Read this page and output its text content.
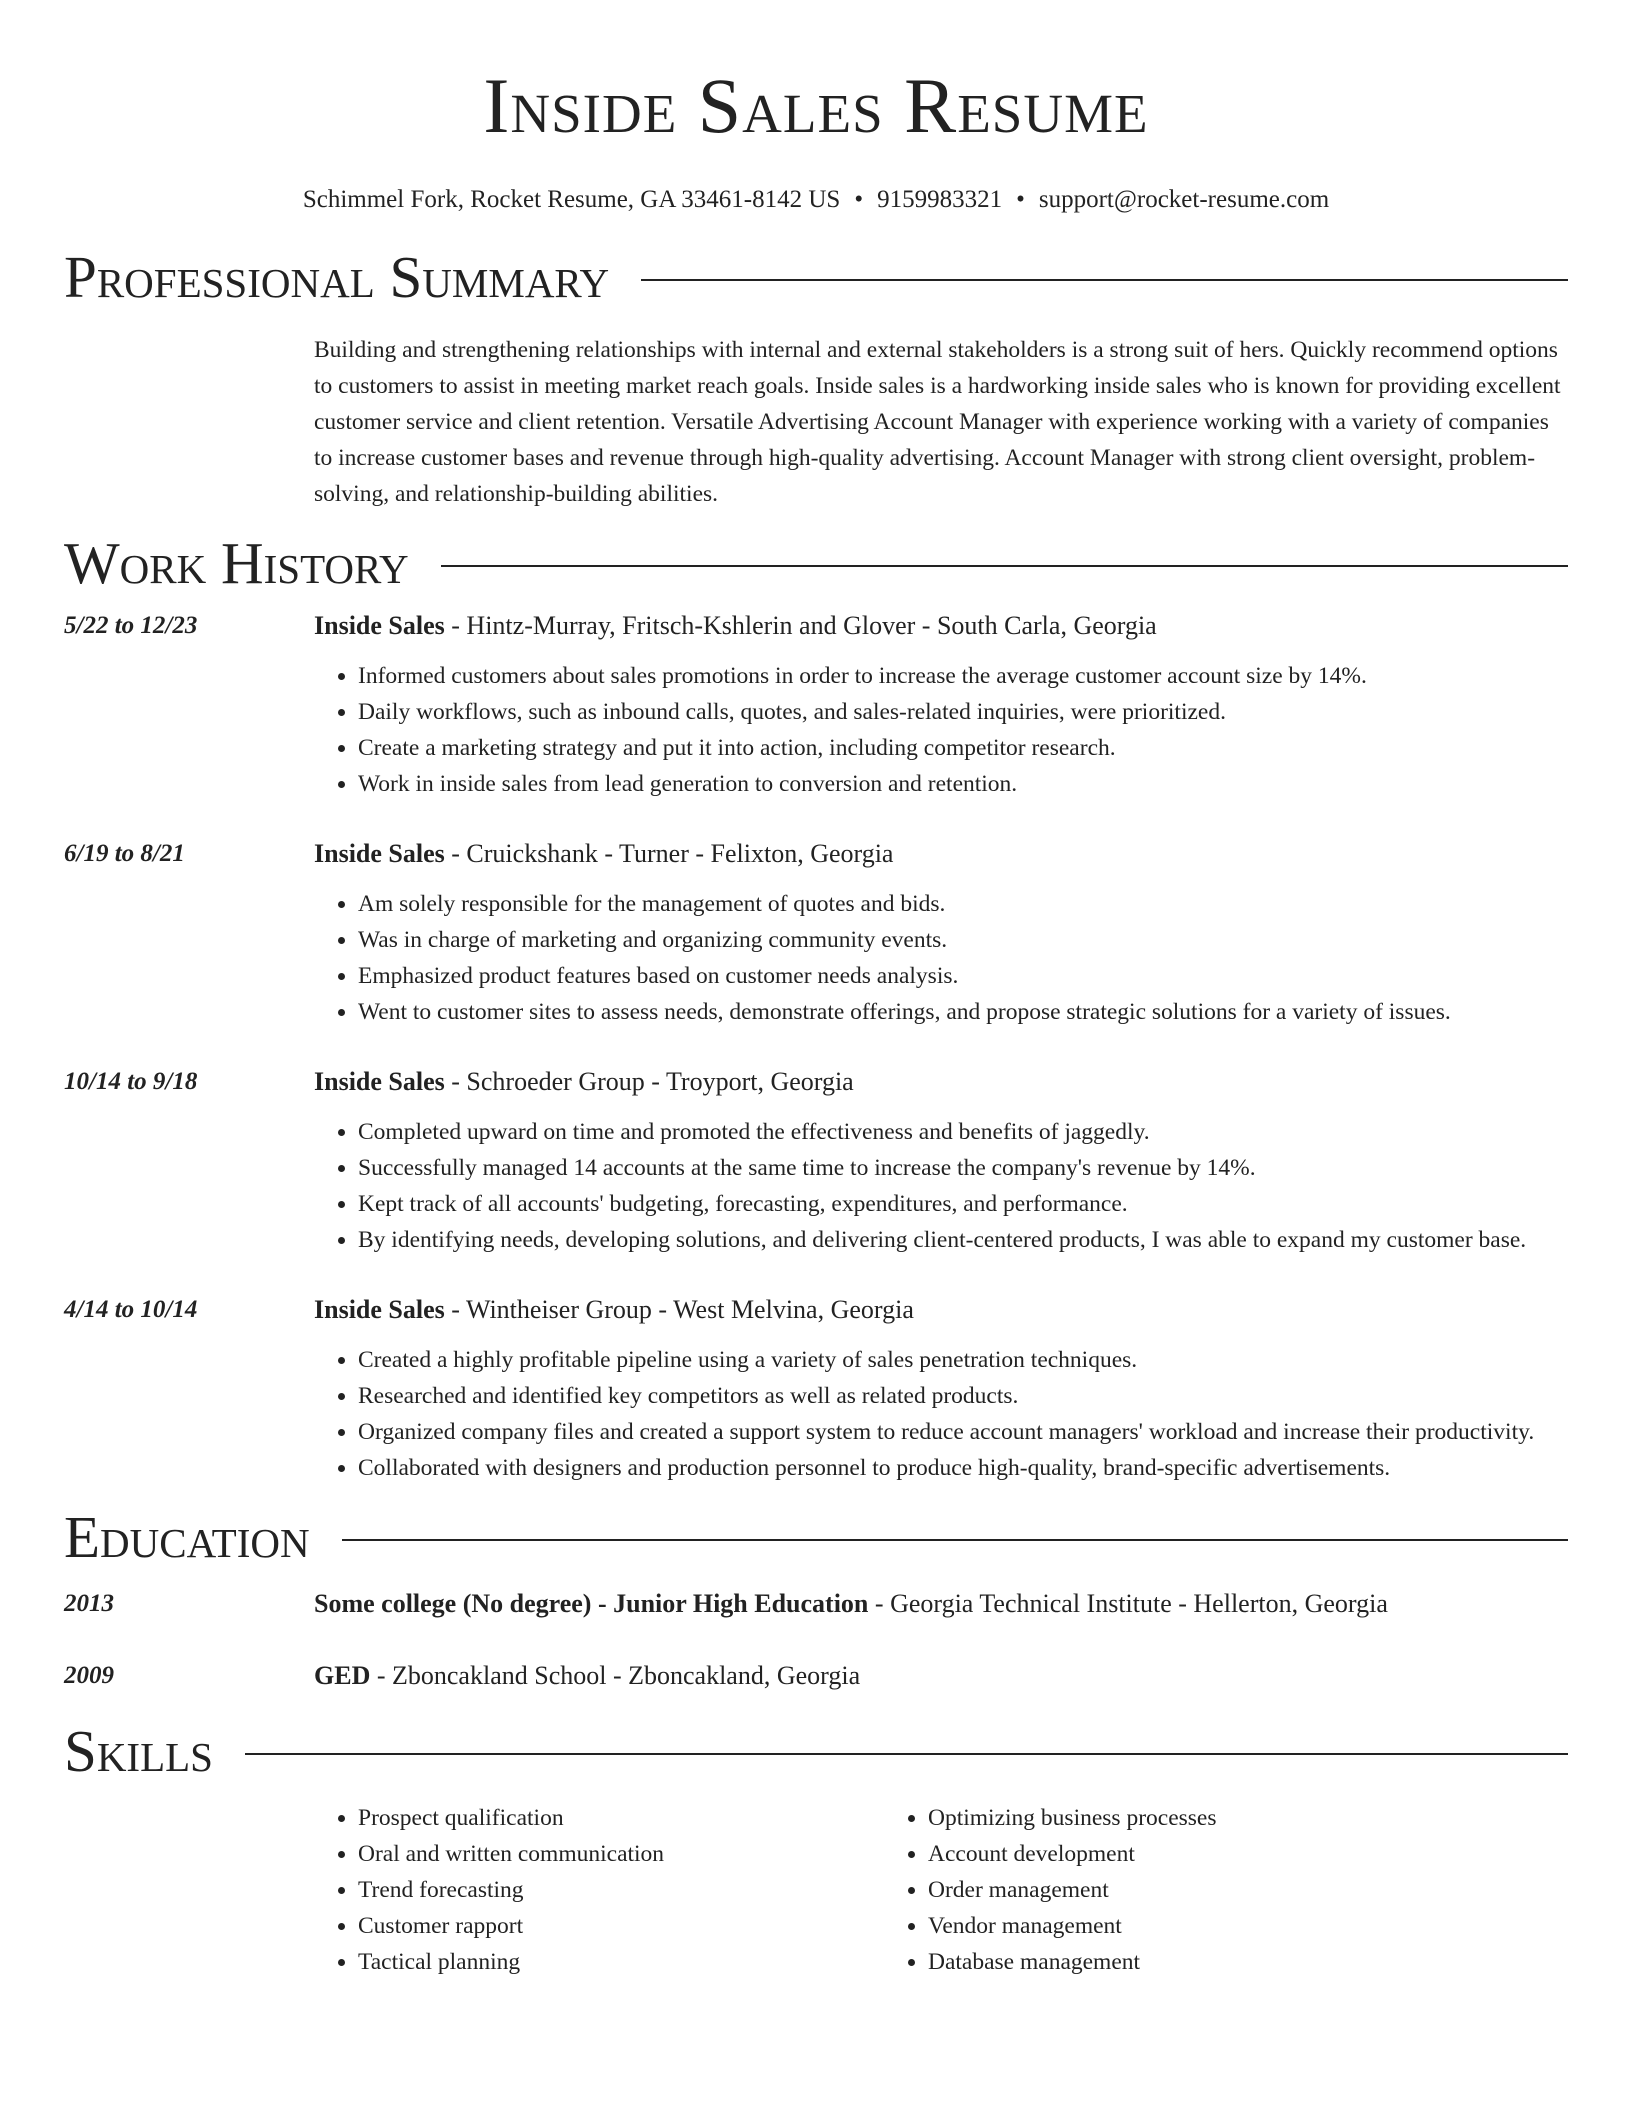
Inside Sales Resume
Schimmel Fork, Rocket Resume, GA 33461-8142 US • 9159983321 • support@rocket-resume.com
Professional Summary
Building and strengthening relationships with internal and external stakeholders is a strong suit of hers. Quickly recommend options to customers to assist in meeting market reach goals. Inside sales is a hardworking inside sales who is known for providing excellent customer service and client retention. Versatile Advertising Account Manager with experience working with a variety of companies to increase customer bases and revenue through high-quality advertising. Account Manager with strong client oversight, problem-solving, and relationship-building abilities.
Work History
5/22 to 12/23	Inside Sales - Hintz-Murray, Fritsch-Kshlerin and Glover - South Carla, Georgia
• Informed customers about sales promotions in order to increase the average customer account size by 14%.
• Daily workflows, such as inbound calls, quotes, and sales-related inquiries, were prioritized.
• Create a marketing strategy and put it into action, including competitor research.
• Work in inside sales from lead generation to conversion and retention.
6/19 to 8/21	Inside Sales - Cruickshank - Turner - Felixton, Georgia
• Am solely responsible for the management of quotes and bids.
• Was in charge of marketing and organizing community events.
• Emphasized product features based on customer needs analysis.
• Went to customer sites to assess needs, demonstrate offerings, and propose strategic solutions for a variety of issues.
10/14 to 9/18	Inside Sales - Schroeder Group - Troyport, Georgia
• Completed upward on time and promoted the effectiveness and benefits of jaggedly.
• Successfully managed 14 accounts at the same time to increase the company's revenue by 14%.
• Kept track of all accounts' budgeting, forecasting, expenditures, and performance.
• By identifying needs, developing solutions, and delivering client-centered products, I was able to expand my customer base.
4/14 to 10/14	Inside Sales - Wintheiser Group - West Melvina, Georgia
• Created a highly profitable pipeline using a variety of sales penetration techniques.
• Researched and identified key competitors as well as related products.
• Organized company files and created a support system to reduce account managers' workload and increase their productivity.
• Collaborated with designers and production personnel to produce high-quality, brand-specific advertisements.
Education
2013	Some college (No degree) - Junior High Education - Georgia Technical Institute - Hellerton, Georgia
2009	GED - Zboncakland School - Zboncakland, Georgia
Skills
• Prospect qualification
• Oral and written communication
• Trend forecasting
• Customer rapport
• Tactical planning
• Optimizing business processes
• Account development
• Order management
• Vendor management
• Database management
